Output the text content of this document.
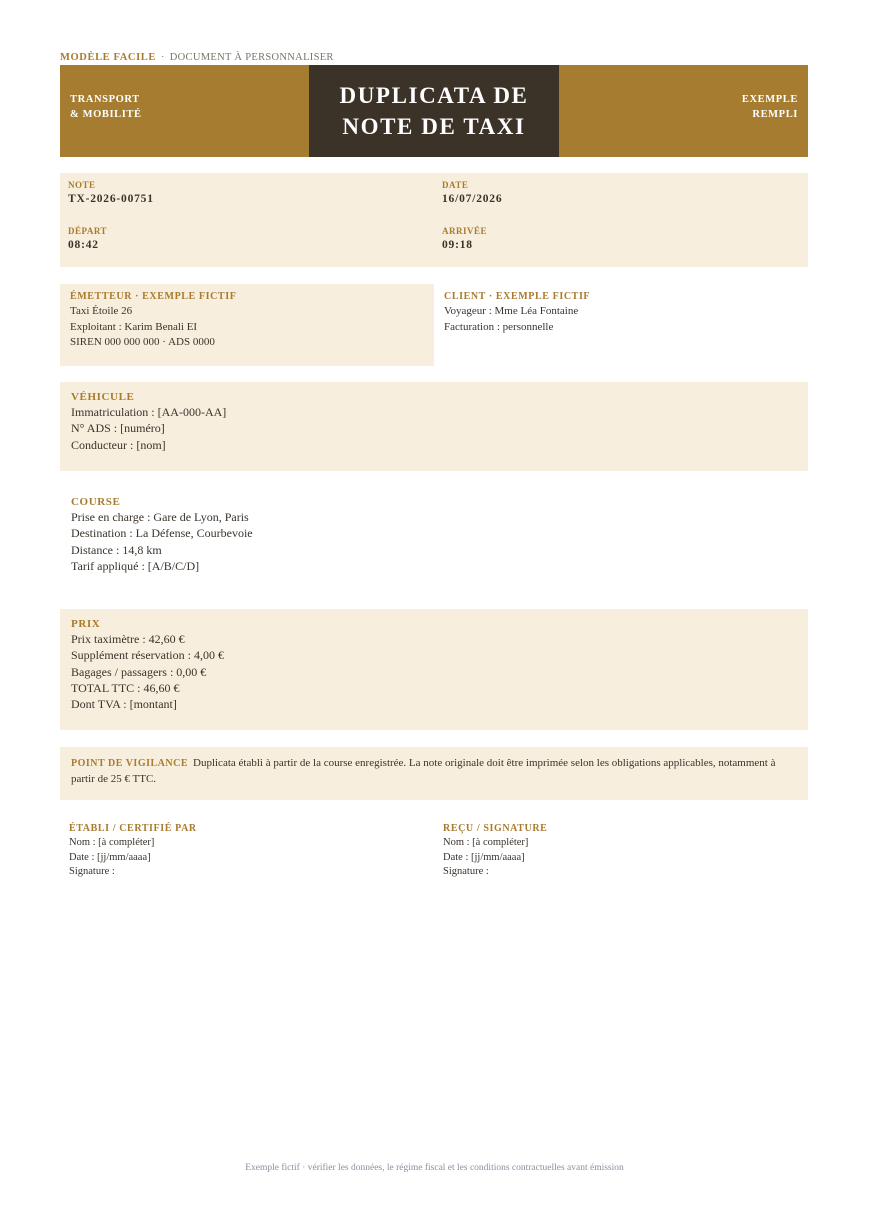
MODÈLE FACILE · DOCUMENT À PERSONNALISER
TRANSPORT
& MOBILITÉ
DUPLICATA DE
NOTE DE TAXI
EXEMPLE
REMPLI
NOTE
TX-2026-00751
DATE
16/07/2026
DÉPART
08:42
ARRIVÉE
09:18
ÉMETTEUR · EXEMPLE FICTIF
Taxi Étoile 26
Exploitant : Karim Benali EI
SIREN 000 000 000 · ADS 0000
CLIENT · EXEMPLE FICTIF
Voyageur : Mme Léa Fontaine
Facturation : personnelle
VÉHICULE
Immatriculation : [AA-000-AA]
N° ADS : [numéro]
Conducteur : [nom]
COURSE
Prise en charge : Gare de Lyon, Paris
Destination : La Défense, Courbevoie
Distance : 14,8 km
Tarif appliqué : [A/B/C/D]
PRIX
Prix taximètre : 42,60 €
Supplément réservation : 4,00 €
Bagages / passagers : 0,00 €
TOTAL TTC : 46,60 €
Dont TVA : [montant]
POINT DE VIGILANCE Duplicata établi à partir de la course enregistrée. La note originale doit être imprimée selon les obligations applicables, notamment à partir de 25 € TTC.
ÉTABLI / CERTIFIÉ PAR
Nom : [à compléter]
Date : [jj/mm/aaaa]
Signature :
REÇU / SIGNATURE
Nom : [à compléter]
Date : [jj/mm/aaaa]
Signature :
Exemple fictif · vérifier les données, le régime fiscal et les conditions contractuelles avant émission
